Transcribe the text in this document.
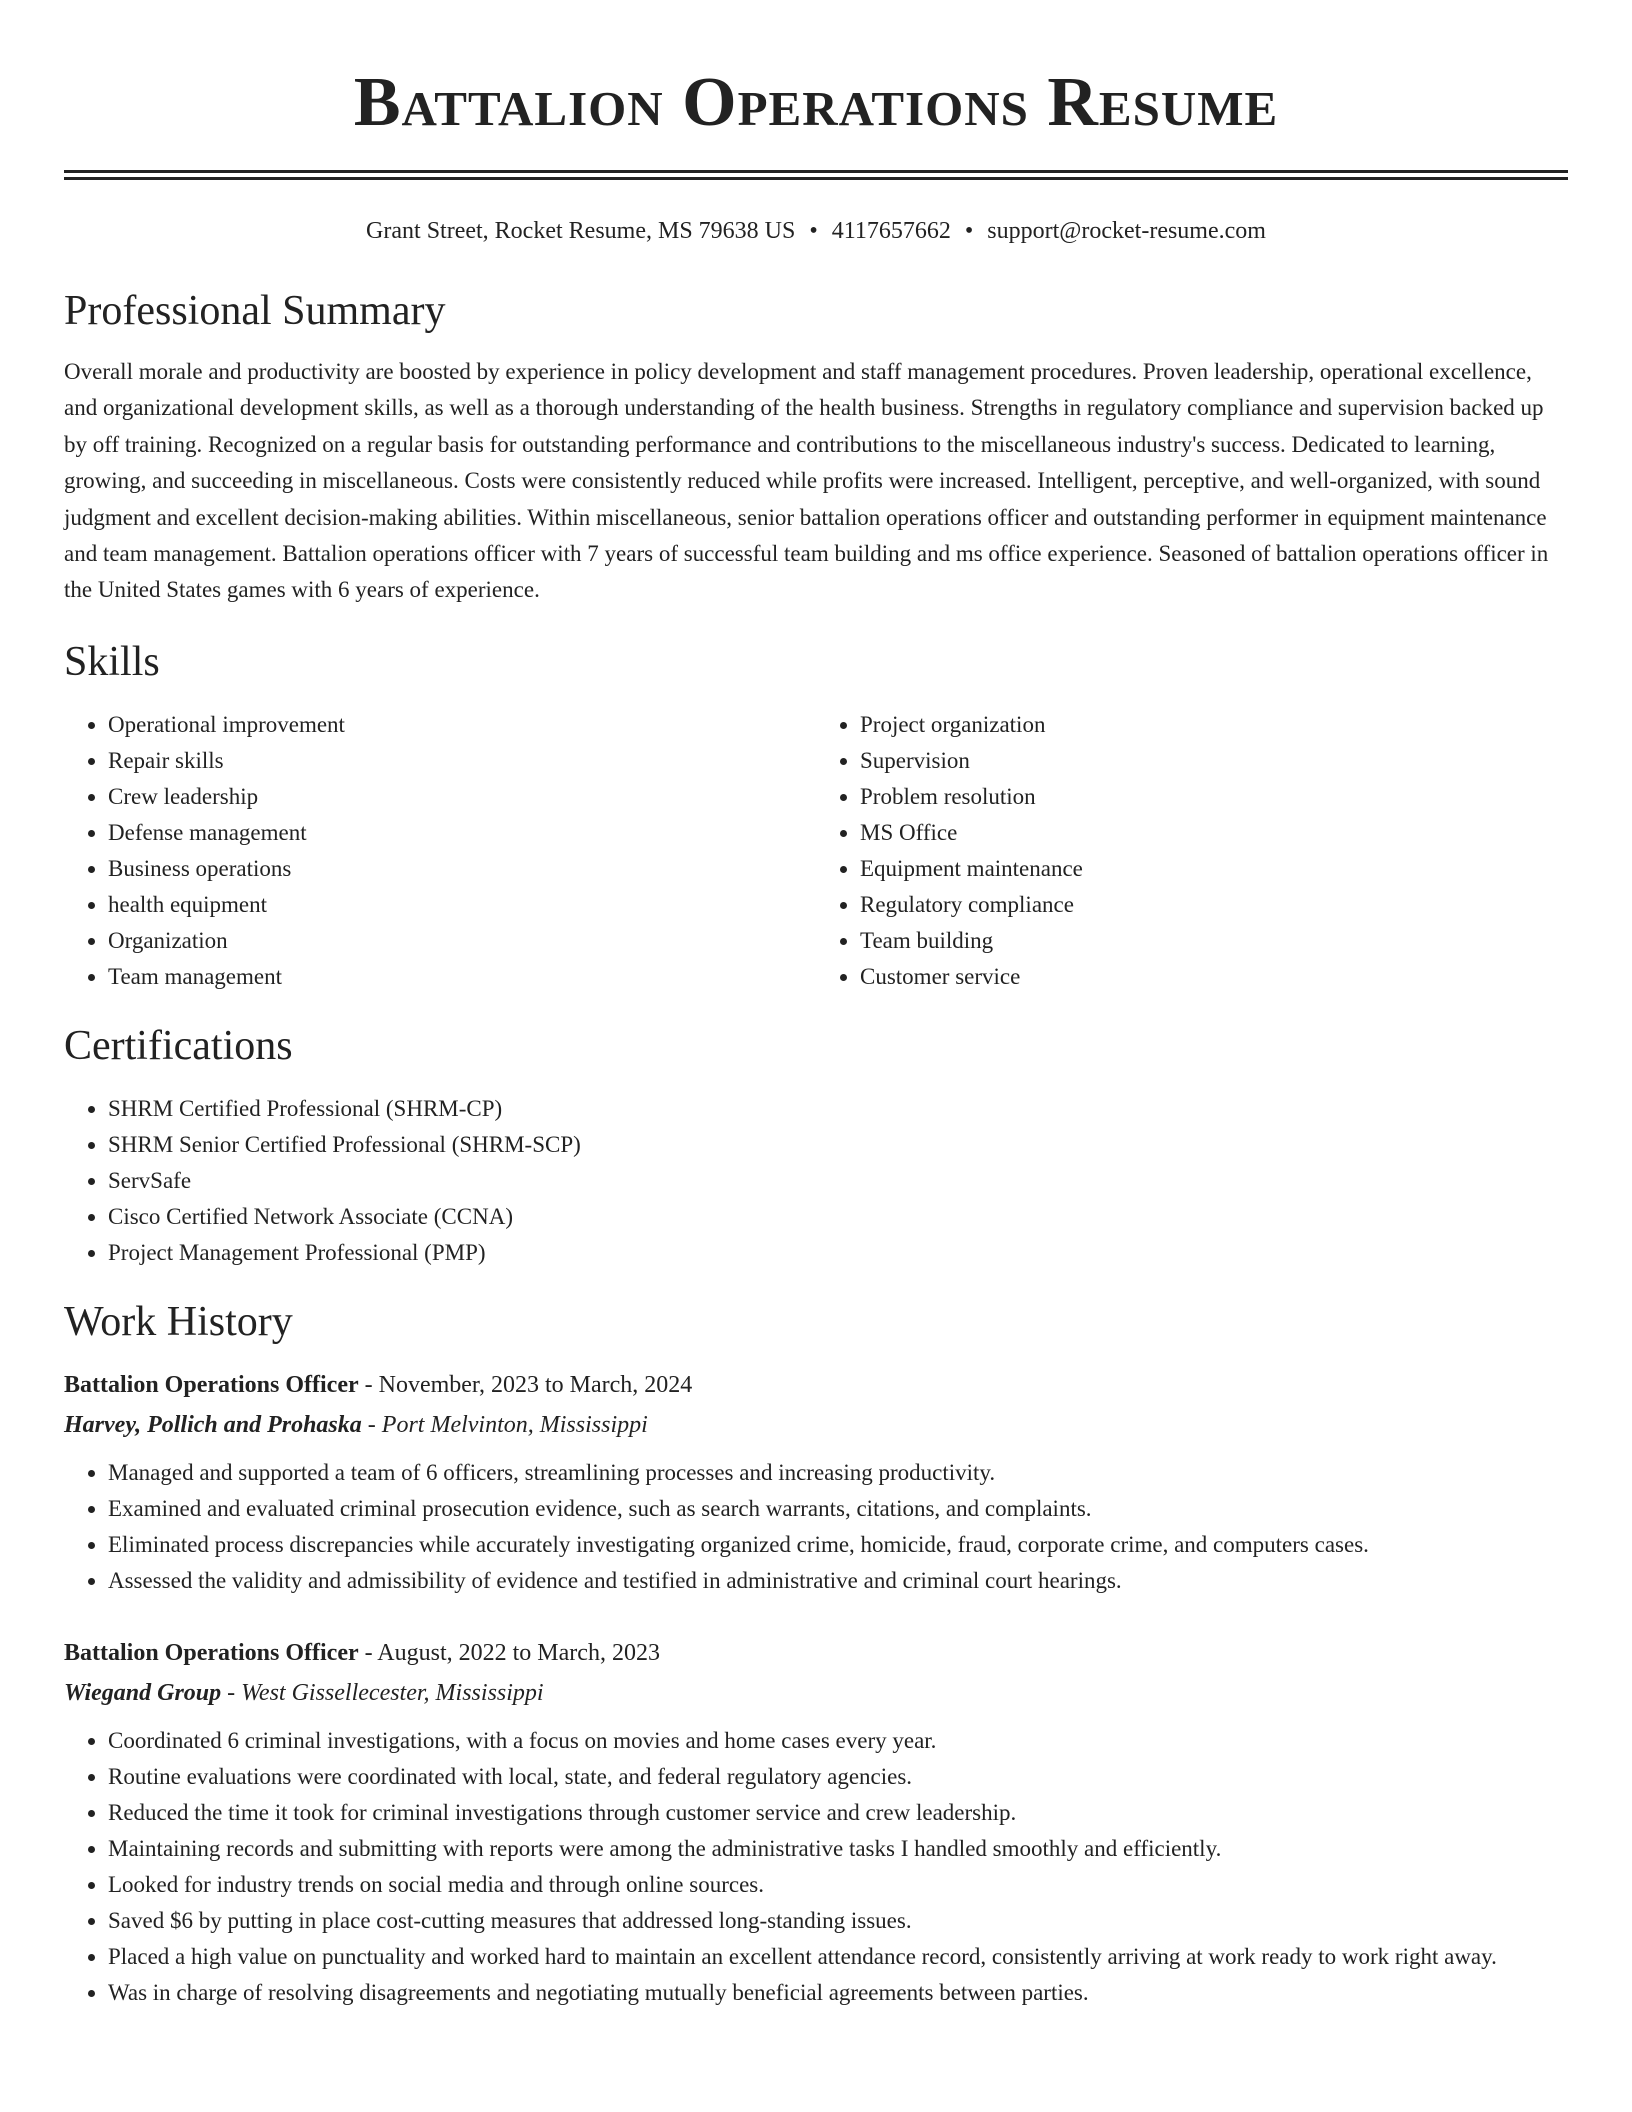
Battalion Operations Resume
Grant Street, Rocket Resume, MS 79638 US • 4117657662 • support@rocket-resume.com
Professional Summary

Overall morale and productivity are boosted by experience in policy development and staff management procedures. Proven leadership, operational excellence, and organizational development skills, as well as a thorough understanding of the health business. Strengths in regulatory compliance and supervision backed up by off training. Recognized on a regular basis for outstanding performance and contributions to the miscellaneous industry's success. Dedicated to learning, growing, and succeeding in miscellaneous. Costs were consistently reduced while profits were increased. Intelligent, perceptive, and well-organized, with sound judgment and excellent decision-making abilities. Within miscellaneous, senior battalion operations officer and outstanding performer in equipment maintenance and team management. Battalion operations officer with 7 years of successful team building and ms office experience. Seasoned of battalion operations officer in the United States games with 6 years of experience.

Skills
• Operational improvement
• Repair skills
• Crew leadership
• Defense management
• Business operations
• health equipment
• Organization
• Team management
• Project organization
• Supervision
• Problem resolution
• MS Office
• Equipment maintenance
• Regulatory compliance
• Team building
• Customer service
Certifications
• SHRM Certified Professional (SHRM-CP)
• SHRM Senior Certified Professional (SHRM-SCP)
• ServSafe
• Cisco Certified Network Associate (CCNA)
• Project Management Professional (PMP)
Work History
Battalion Operations Officer - November, 2023 to March, 2024
Harvey, Pollich and Prohaska - Port Melvinton, Mississippi
• Managed and supported a team of 6 officers, streamlining processes and increasing productivity.
• Examined and evaluated criminal prosecution evidence, such as search warrants, citations, and complaints.
• Eliminated process discrepancies while accurately investigating organized crime, homicide, fraud, corporate crime, and computers cases.
• Assessed the validity and admissibility of evidence and testified in administrative and criminal court hearings.
Battalion Operations Officer - August, 2022 to March, 2023
Wiegand Group - West Gissellecester, Mississippi
• Coordinated 6 criminal investigations, with a focus on movies and home cases every year.
• Routine evaluations were coordinated with local, state, and federal regulatory agencies.
• Reduced the time it took for criminal investigations through customer service and crew leadership.
• Maintaining records and submitting with reports were among the administrative tasks I handled smoothly and efficiently.
• Looked for industry trends on social media and through online sources.
• Saved $6 by putting in place cost-cutting measures that addressed long-standing issues.
• Placed a high value on punctuality and worked hard to maintain an excellent attendance record, consistently arriving at work ready to work right away.
• Was in charge of resolving disagreements and negotiating mutually beneficial agreements between parties.
